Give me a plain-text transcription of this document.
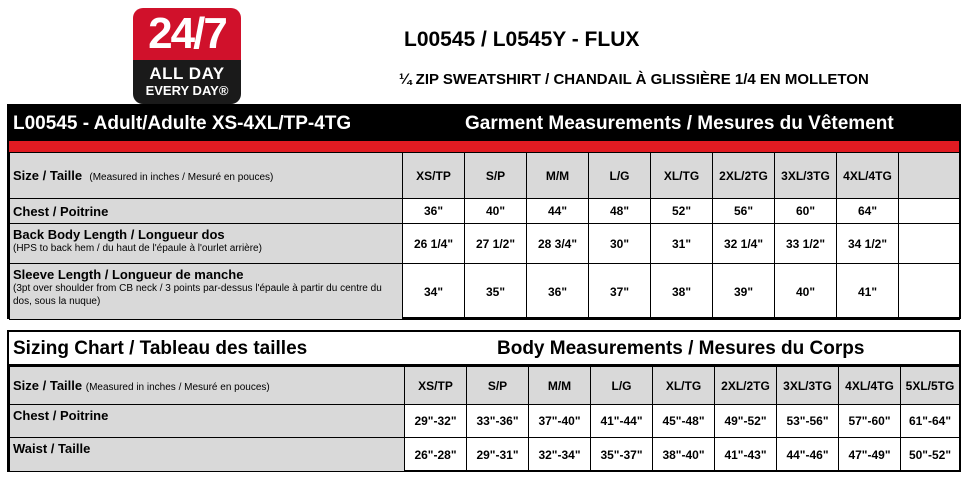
24/7
ALL DAY
EVERY DAY®
L00545 / L0545Y - FLUX
¼ ZIP SWEATSHIRT / CHANDAIL À GLISSIÈRE 1/4 EN MOLLETON
L00545 - Adult/Adulte XS-4XL/TP-4TG	Garment Measurements / Mesures du Vêtement
Size / Taille (Measured in inches / Mesuré en pouces)	XS/TP	S/P	M/M	L/G	XL/TG	2XL/2TG	3XL/3TG	4XL/4TG	
Chest / Poitrine	36"	40"	44"	48"	52"	56"	60"	64"	
Back Body Length / Longueur dos
(HPS to back hem / du haut de l'épaule à l'ourlet arrière)	26 1/4"	27 1/2"	28 3/4"	30"	31"	32 1/4"	33 1/2"	34 1/2"	
Sleeve Length / Longueur de manche
(3pt over shoulder from CB neck / 3 points par-dessus l'épaule à partir du centre du dos, sous la nuque)	34"	35"	36"	37"	38"	39"	40"	41"	
Sizing Chart / Tableau des tailles	Body Measurements / Mesures du Corps
Size / Taille (Measured in inches / Mesuré en pouces)	XS/TP	S/P	M/M	L/G	XL/TG	2XL/2TG	3XL/3TG	4XL/4TG	5XL/5TG
Chest / Poitrine	29"-32"	33"-36"	37"-40"	41"-44"	45"-48"	49"-52"	53"-56"	57"-60"	61"-64"
Waist / Taille	26"-28"	29"-31"	32"-34"	35"-37"	38"-40"	41"-43"	44"-46"	47"-49"	50"-52"
